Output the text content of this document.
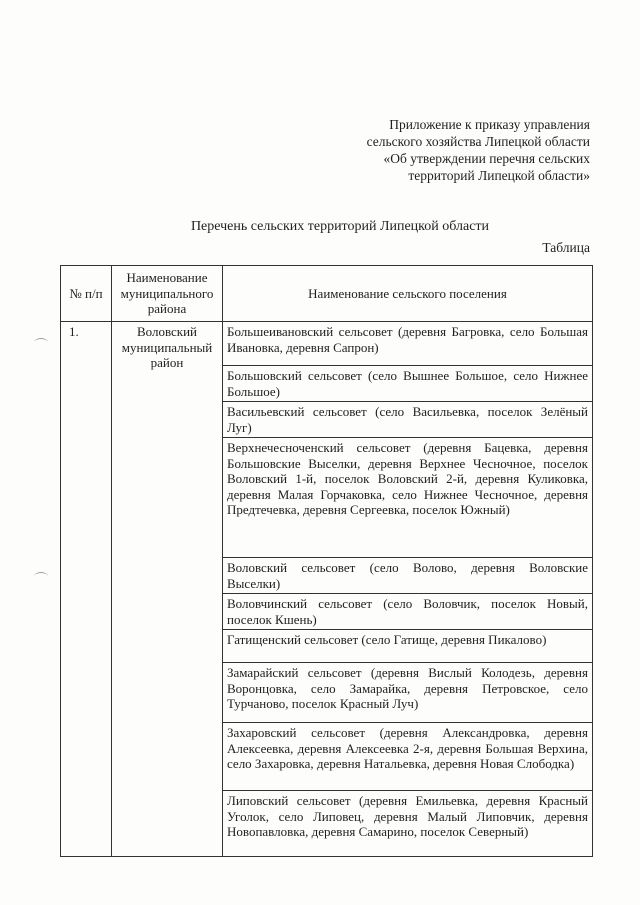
Приложение к приказу управления
сельского хозяйства Липецкой области
«Об утверждении перечня сельских
территорий Липецкой области»
Перечень сельских территорий Липецкой области
Таблица
№ п/п	Наименование муниципального района	Наименование сельского поселения
1.	Воловский муниципальный район	Большеивановский сельсовет (деревня Багровка, село Большая Ивановка, деревня Сапрон)
		Большовский сельсовет (село Вышнее Большое, село Нижнее Большое)
		Васильевский сельсовет (село Васильевка, поселок Зелёный Луг)
		Верхнечесноченский сельсовет (деревня Бацевка, деревня Большовские Выселки, деревня Верхнее Чесночное, поселок Воловский 1-й, поселок Воловский 2-й, деревня Куликовка, деревня Малая Горчаковка, село Нижнее Чесночное, деревня Предтечевка, деревня Сергеевка, поселок Южный)
		Воловский сельсовет (село Волово, деревня Воловские Выселки)
		Воловчинский сельсовет (село Воловчик, поселок Новый, поселок Кшень)
		Гатищенский сельсовет (село Гатище, деревня Пикалово)
		Замарайский сельсовет (деревня Вислый Колодезь, деревня Воронцовка, село Замарайка, деревня Петровское, село Турчаново, поселок Красный Луч)
		Захаровский сельсовет (деревня Александровка, деревня Алексеевка, деревня Алексеевка 2-я, деревня Большая Верхина, село Захаровка, деревня Натальевка, деревня Новая Слободка)
		Липовский сельсовет (деревня Емильевка, деревня Красный Уголок, село Липовец, деревня Малый Липовчик, деревня Новопавловка, деревня Самарино, поселок Северный)
